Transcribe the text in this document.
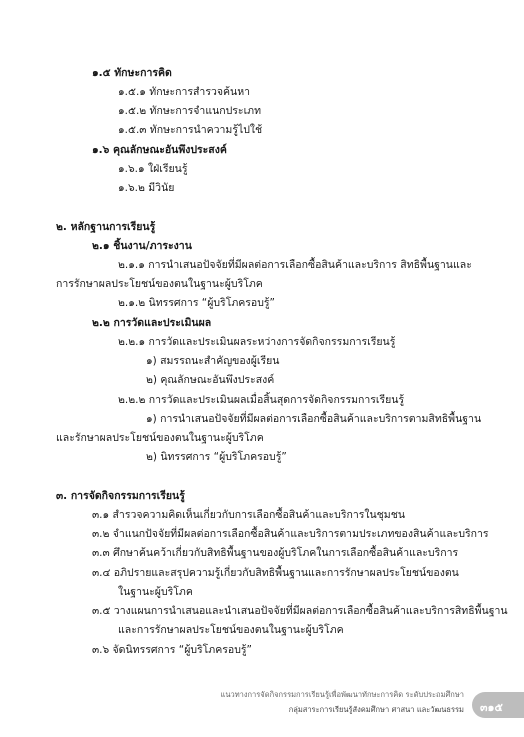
๑.๕ ทักษะการคิด
๑.๕.๑ ทักษะการสำรวจค้นหา
๑.๕.๒ ทักษะการจำแนกประเภท
๑.๕.๓ ทักษะการนำความรู้ไปใช้
๑.๖ คุณลักษณะอันพึงประสงค์
๑.๖.๑ ใฝ่เรียนรู้
๑.๖.๒ มีวินัย
๒. หลักฐานการเรียนรู้
๒.๑ ชิ้นงาน/ภาระงาน
๒.๑.๑ การนำเสนอปัจจัยที่มีผลต่อการเลือกซื้อสินค้าและบริการ สิทธิพื้นฐานและ
การรักษาผลประโยชน์ของตนในฐานะผู้บริโภค
๒.๑.๒ นิทรรศการ “ผู้บริโภครอบรู้”
๒.๒ การวัดและประเมินผล
๒.๒.๑ การวัดและประเมินผลระหว่างการจัดกิจกรรมการเรียนรู้
๑) สมรรถนะสำคัญของผู้เรียน
๒) คุณลักษณะอันพึงประสงค์
๒.๒.๒ การวัดและประเมินผลเมื่อสิ้นสุดการจัดกิจกรรมการเรียนรู้
๑) การนำเสนอปัจจัยที่มีผลต่อการเลือกซื้อสินค้าและบริการตามสิทธิพื้นฐาน
และรักษาผลประโยชน์ของตนในฐานะผู้บริโภค
๒) นิทรรศการ “ผู้บริโภครอบรู้”
๓. การจัดกิจกรรมการเรียนรู้
๓.๑ สำรวจความคิดเห็นเกี่ยวกับการเลือกซื้อสินค้าและบริการในชุมชน
๓.๒ จำแนกปัจจัยที่มีผลต่อการเลือกซื้อสินค้าและบริการตามประเภทของสินค้าและบริการ
๓.๓ ศึกษาค้นคว้าเกี่ยวกับสิทธิพื้นฐานของผู้บริโภคในการเลือกซื้อสินค้าและบริการ
๓.๔ อภิปรายและสรุปความรู้เกี่ยวกับสิทธิพื้นฐานและการรักษาผลประโยชน์ของตน
ในฐานะผู้บริโภค
๓.๕ วางแผนการนำเสนอและนำเสนอปัจจัยที่มีผลต่อการเลือกซื้อสินค้าและบริการสิทธิพื้นฐาน
และการรักษาผลประโยชน์ของตนในฐานะผู้บริโภค
๓.๖ จัดนิทรรศการ “ผู้บริโภครอบรู้”
แนวทางการจัดกิจกรรมการเรียนรู้เพื่อพัฒนาทักษะการคิด ระดับประถมศึกษา
กลุ่มสาระการเรียนรู้สังคมศึกษา ศาสนา และวัฒนธรรม ๓๑๕
